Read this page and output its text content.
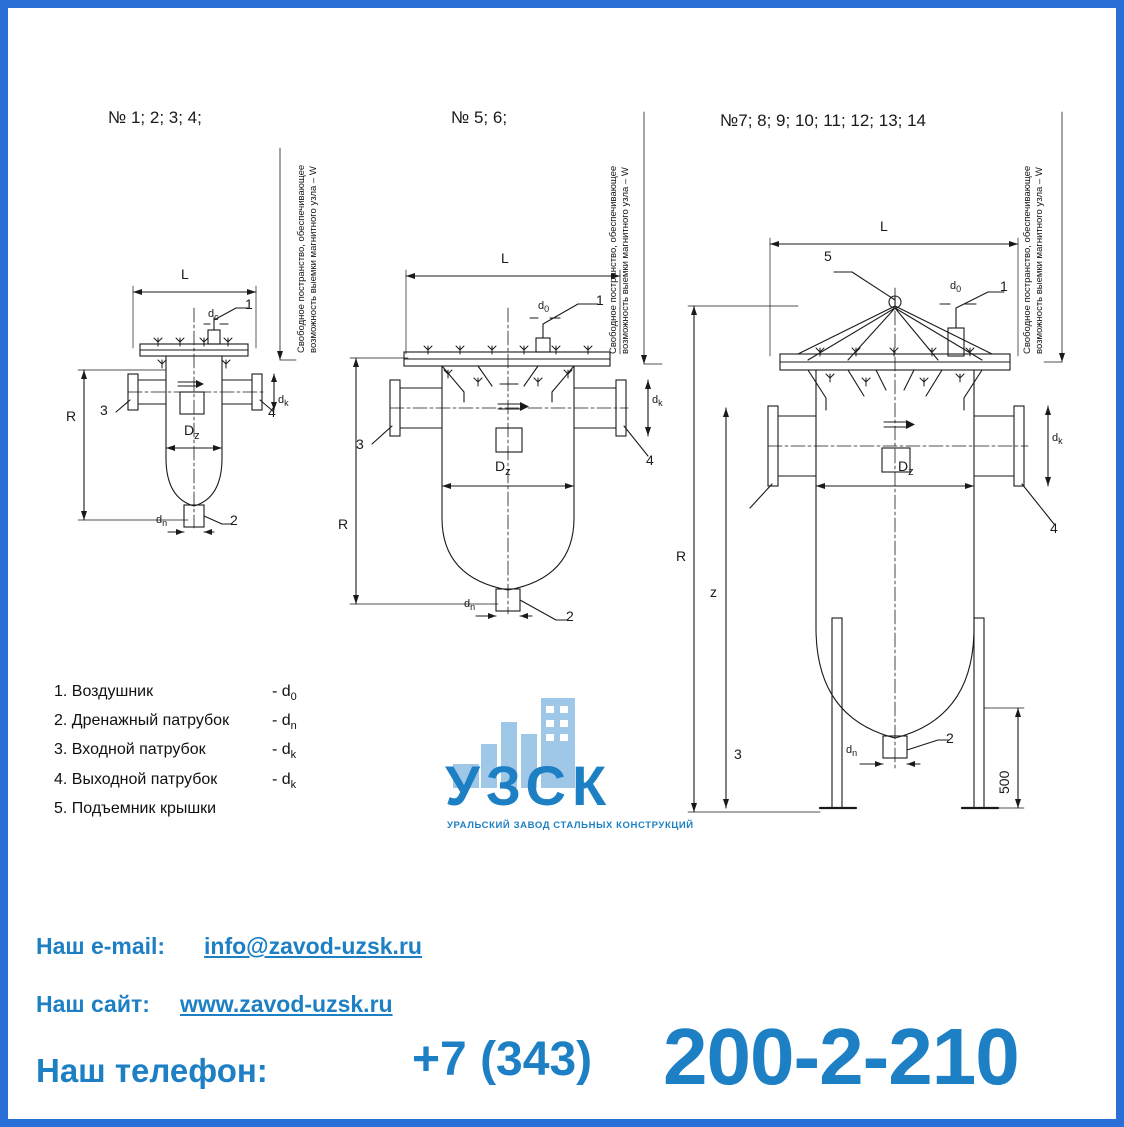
№ 1; 2; 3; 4;	№ 5; 6;	№7; 8; 9; 10; 11; 12; 13; 14
Свободное постранство, обеспечивающее возможность выемки магнитного узла – W	Свободное постранство, обеспечивающее возможность выемки магнитного узла – W	Свободное постранство, обеспечивающее возможность выемки магнитного узла – W
L
R
$D_z$
$d_c$
$d_n$
$d_k$
1
2
3	4
L
R
$D_z$
$d_0$
$d_n$
$d_k$
1
2
3
4
L
R
z
$D_z$
$d_0$
$d_n$
$d_k$
500
1
2
3
4
5
1. Воздушник	- $d_0$
2. Дренажный патрубок	- $d_n$
3. Входной патрубок	- $d_k$
4. Выходной патрубок	- $d_k$
5. Подъемник крышки	УЗСК
УРАЛЬСКИЙ ЗАВОД СТАЛЬНЫХ КОНСТРУКЦИЙ
Наш e-mail: info@zavod-uzsk.ru
Наш сайт: www.zavod-uzsk.ru
Наш телефон:	+7 (343) 200-2-210
